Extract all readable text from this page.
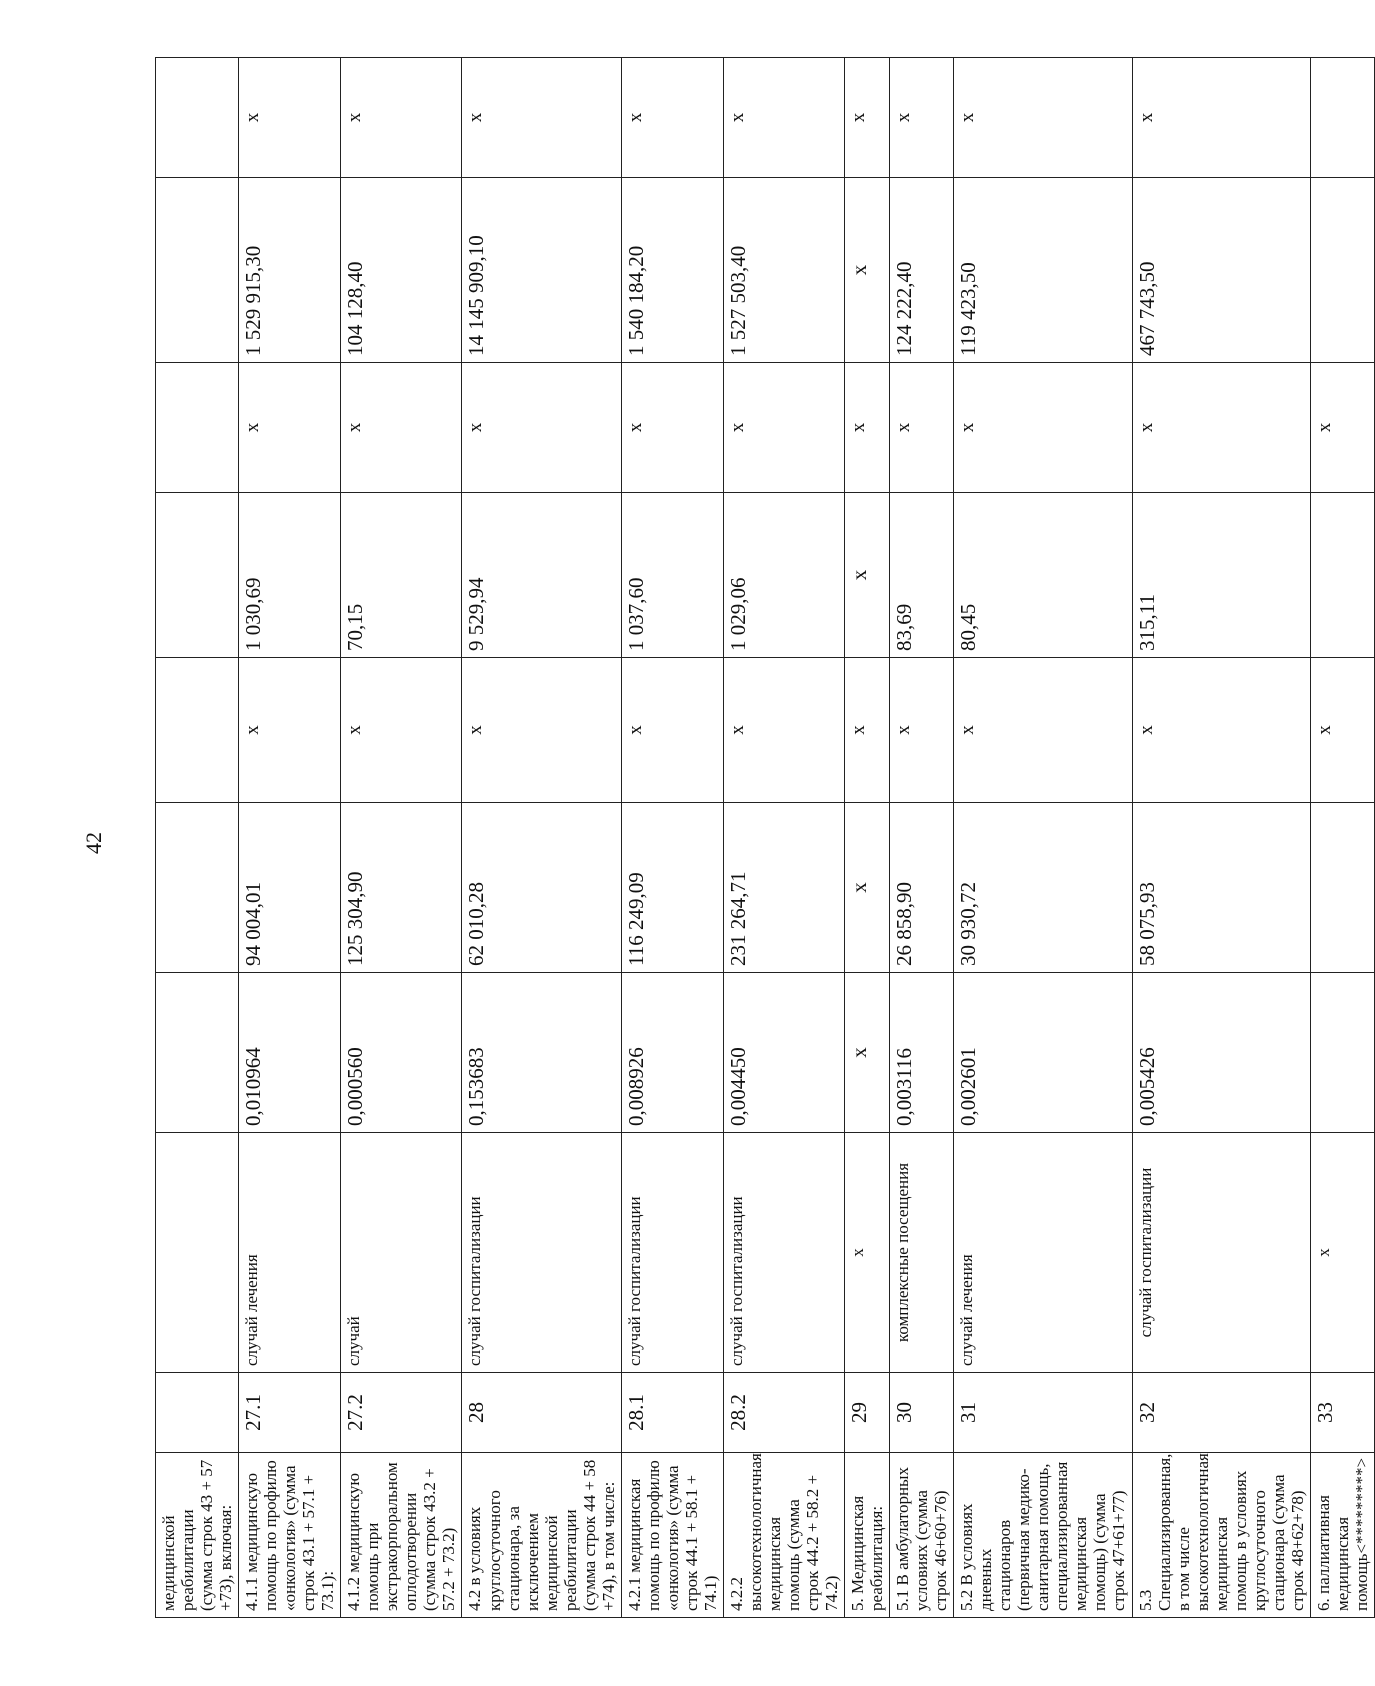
42
медицинской реабилитации (сумма строк 43 + 57 +73), включая:									
4.1.1 медицинскую помощь по профилю «онкология» (сумма строк 43.1 + 57.1 + 73.1):	27.1	случай лечения	0,010964	94 004,01	х	1 030,69	х	1 529 915,30	х
4.1.2 медицинскую помощь при экстракорпоральном оплодотворении (сумма строк 43.2 + 57.2 + 73.2)	27.2	случай	0,000560	125 304,90	х	70,15	х	104 128,40	х
4.2 в условиях круглосуточного стационара, за исключением медицинской реабилитации (сумма строк 44 + 58 +74), в том числе:	28	случай госпитализации	0,153683	62 010,28	х	9 529,94	х	14 145 909,10	х
4.2.1 медицинская помощь по профилю «онкология» (сумма строк 44.1 + 58.1 + 74.1)	28.1	случай госпитализации	0,008926	116 249,09	х	1 037,60	х	1 540 184,20	х
4.2.2 высокотехнологичная медицинская помощь (сумма строк 44.2 + 58.2 + 74.2)	28.2	случай госпитализации	0,004450	231 264,71	х	1 029,06	х	1 527 503,40	х
5. Медицинская реабилитация:	29	х	х	х	х	х	х	х	х
5.1 В амбулаторных условиях (сумма строк 46+60+76)	30	комплексные посещения	0,003116	26 858,90	х	83,69	х	124 222,40	х
5.2 В условиях дневных стационаров (первичная медико-санитарная помощь, специализированная медицинская помощь) (сумма строк 47+61+77)	31	случай лечения	0,002601	30 930,72	х	80,45	х	119 423,50	х
5.3 Специализированная, в том числе высокотехнологичная медицинская помощь в условиях круглосуточного стационара (сумма строк 48+62+78)	32	случай госпитализации	0,005426	58 075,93	х	315,11	х	467 743,50	х
6. паллиативная медицинская помощь<*********>	33	х			х		х		
